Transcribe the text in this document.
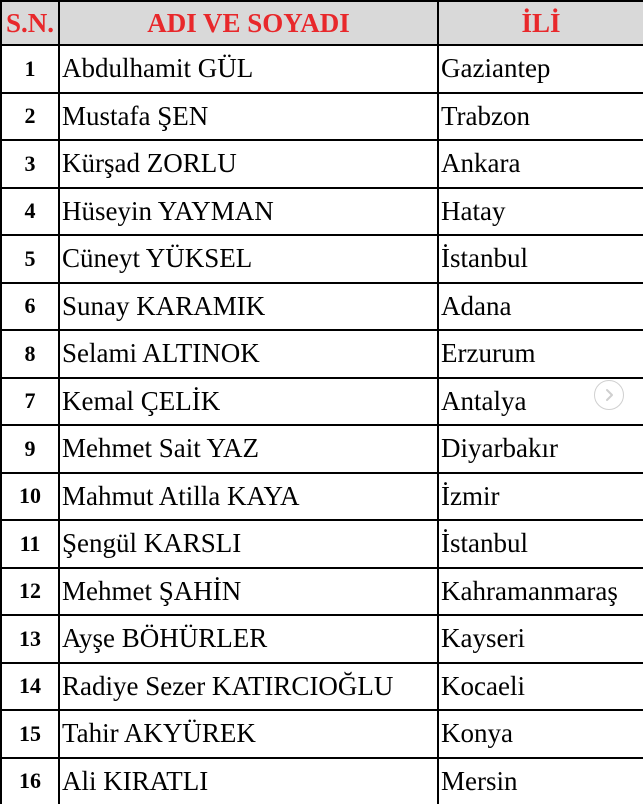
S.N.	ADI VE SOYADI	İLİ
1	Abdulhamit GÜL	Gaziantep
2	Mustafa ŞEN	Trabzon
3	Kürşad ZORLU	Ankara
4	Hüseyin YAYMAN	Hatay
5	Cüneyt YÜKSEL	İstanbul
6	Sunay KARAMIK	Adana
8	Selami ALTINOK	Erzurum
7	Kemal ÇELİK	Antalya
9	Mehmet Sait YAZ	Diyarbakır
10	Mahmut Atilla KAYA	İzmir
11	Şengül KARSLI	İstanbul
12	Mehmet ŞAHİN	Kahramanmaraş
13	Ayşe BÖHÜRLER	Kayseri
14	Radiye Sezer KATIRCIOĞLU	Kocaeli
15	Tahir AKYÜREK	Konya
16	Ali KIRATLI	Mersin
